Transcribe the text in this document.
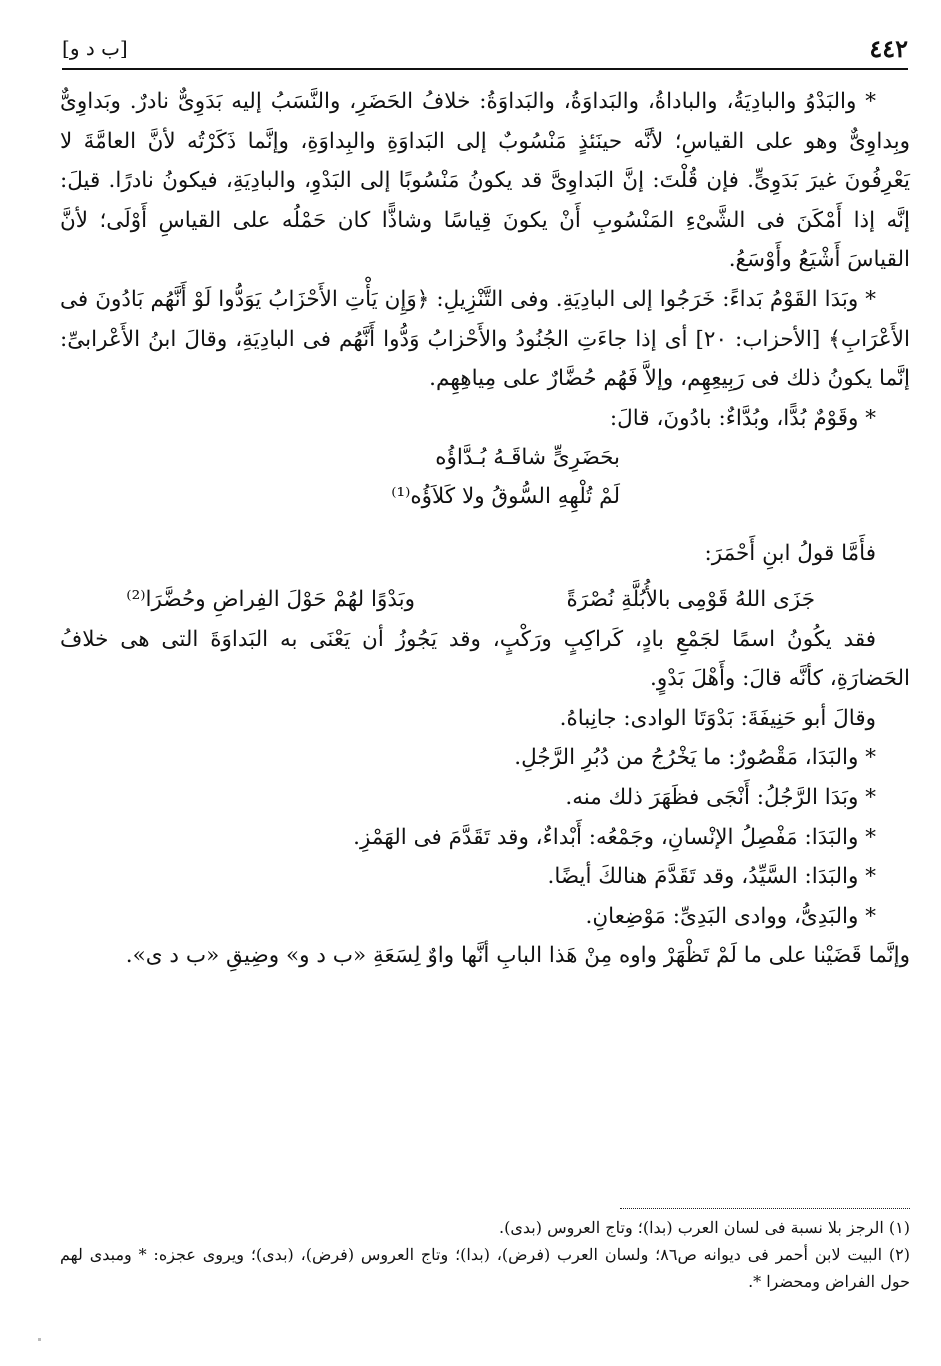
٤٤٢
[ب د و]

* والبَدْوُ والبادِيَةُ، والباداةُ، والبَداوَةُ، والبَداوَةُ: خلافُ الحَضَرِ، والنَّسَبُ إليه بَدَوِىٌّ نادرٌ. وبَداوِىٌّ وبِداوِىٌّ وهو على القياسِ؛ لأنَّه حينَئذٍ مَنْسُوبٌ إلى البَداوَةِ والبِداوَةِ، وإنَّما ذَكَرْتُه لأنَّ العامَّةَ لا يَعْرِفُونَ غيرَ بَدَوِىٍّ. فإن قُلْتَ: إنَّ البَداوِىَّ قد يكونُ مَنْسُوبًا إلى البَدْوِ، والبادِيَةِ، فيكونُ نادرًا. قيلَ: إنَّه إذا أَمْكَنَ فى الشَّىْءِ المَنْسُوبِ أَنْ يكونَ قِياسًا وشاذًّا كان حَمْلُه على القياسِ أَوْلَى؛ لأنَّ القياسَ أَشْيَعُ وأَوْسَعُ.

* وبَدَا القَوْمُ بَداءً: خَرَجُوا إلى البادِيَةِ. وفى التَّنْزِيلِ: ﴿وَإِن يَأْتِ الأَحْزَابُ يَوَدُّوا لَوْ أَنَّهُم بَادُونَ فى الأَعْرَابِ﴾ [الأحزاب: ٢٠] أى إذا جاءَتِ الجُنُودُ والأَحْزابُ وَدُّوا أَنَّهُم فى البادِيَةِ، وقالَ ابنُ الأَعْرابىِّ: إنَّما يكونُ ذلك فى رَبِيعِهِم، وإلاَّ فَهُم حُضَّارٌ على مِياهِهِم.

* وقَوْمٌ بُدًّا، وبُدَّاءٌ: بادُونَ، قالَ:

بحَضَرِىٍّ شاقَـهُ بُـدَّاؤُه

لَمْ تُلْهِهِ السُّوقُ ولا كَلاَؤُه⁽¹⁾

فأَمَّا قولُ ابنِ أَحْمَرَ:

جَزَى اللهُ قَوْمِى بالأُبُلَّةِ نُصْرَةً
وبَدْوًا لهُمْ حَوْلَ الفِراضِ وحُضَّرَا⁽²⁾

فقد يكُونُ اسمًا لجَمْعِ بادٍ، كَراكِبٍ ورَكْبٍ، وقد يَجُوزُ أن يَعْنَى به البَداوَةَ التى هى خلافُ الحَضارَةِ، كأنَّه قالَ: وأَهْلَ بَدْوٍ.

وقالَ أبو حَنِيفَةَ: بَدْوَتَا الوادى: جانِباهُ.

* والبَدَا، مَقْصُورٌ: ما يَخْرُجُ من دُبُرِ الرَّجُلِ.

* وبَدَا الرَّجُلُ: أَنْجَى فظَهَرَ ذلك منه.

* والبَدَا: مَفْصِلُ الإنْسانِ، وجَمْعُه: أَبْداءٌ، وقد تَقَدَّمَ فى الهَمْزِ.

* والبَدَا: السَّيِّدُ، وقد تَقَدَّمَ هنالكَ أيضًا.

* والبَدِىُّ، ووادى البَدِىِّ: مَوْضِعانِ.

وإنَّما قَضَيْنا على ما لَمْ تَظْهَرْ واوه مِنْ هَذا البابِ أنَّها واوٌ لِسَعَةِ «ب د و» وضِيقِ «ب د ى».

(١) الرجز بلا نسبة فى لسان العرب (بدا)؛ وتاج العروس (بدى).

(٢) البيت لابن أحمر فى ديوانه ص٨٦؛ ولسان العرب (فرض)، (بدا)؛ وتاج العروس (فرض)، (بدى)؛ ويروى عجزه: * ومبدى لهم حول الفراض ومحضرا *.
